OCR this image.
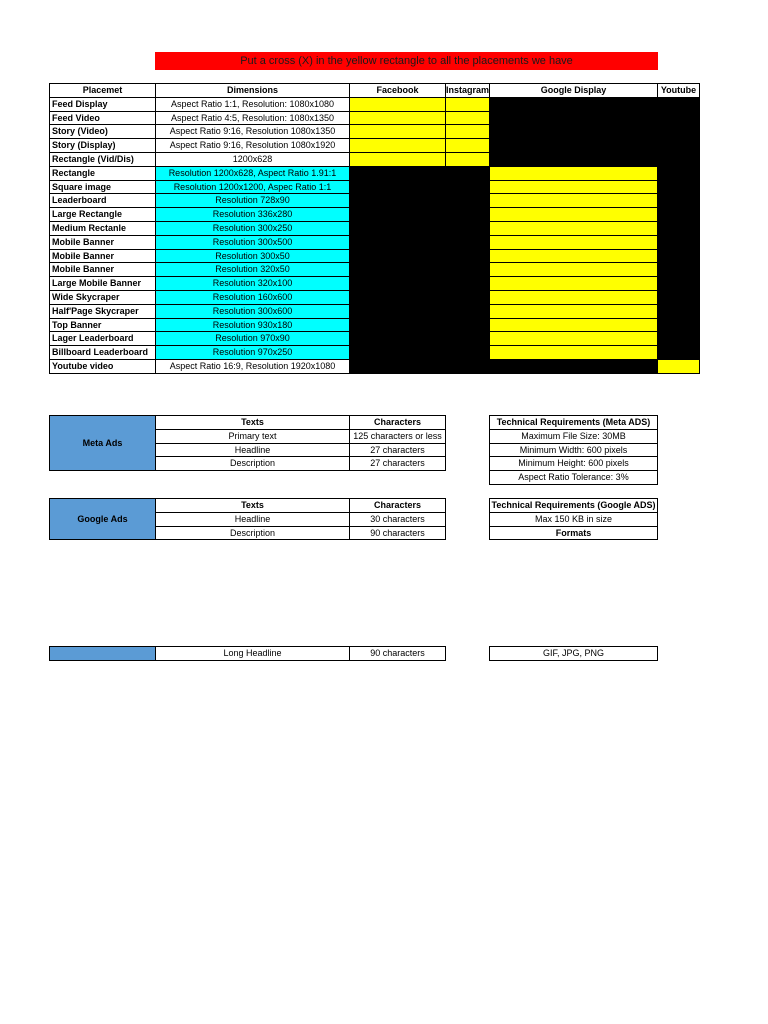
Put a cross (X) in the yellow rectangle to all the placements we have
Placemet	Dimensions	Facebook	Instagram	Google Display	Youtube
Feed Display	Aspect Ratio 1:1, Resolution: 1080x1080
Feed Video	Aspect Ratio 4:5, Resolution: 1080x1350
Story (Video)	Aspect Ratio 9:16, Resolution 1080x1350
Story (Display)	Aspect Ratio 9:16, Resolution 1080x1920
Rectangle (Vid/Dis)	1200x628
Rectangle	Resolution 1200x628, Aspect Ratio 1.91:1
Square image	Resolution 1200x1200, Aspec Ratio 1:1
Leaderboard	Resolution 728x90
Large Rectangle	Resolution 336x280
Medium Rectanle	Resolution 300x250
Mobile Banner	Resolution 300x500
Mobile Banner	Resolution 300x50
Mobile Banner	Resolution 320x50
Large Mobile Banner	Resolution 320x100
Wide Skycraper	Resolution 160x600
Half'Page Skycraper	Resolution 300x600
Top Banner	Resolution 930x180
Lager Leaderboard	Resolution 970x90
Billboard Leaderboard	Resolution 970x250
Youtube video	Aspect Ratio 16:9, Resolution 1920x1080
Meta Ads
Texts	Characters
Primary text	125 characters or less
Headline	27 characters
Description	27 characters
Technical Requirements (Meta ADS)
Maximum File Size: 30MB
Minimum Width: 600 pixels
Minimum Height: 600 pixels
Aspect Ratio Tolerance: 3%
Google Ads
Texts	Characters
Headline	30 characters
Description	90 characters
Technical Requirements (Google ADS)
Max 150 KB in size
Formats
Long Headline	90 characters	GIF, JPG, PNG
